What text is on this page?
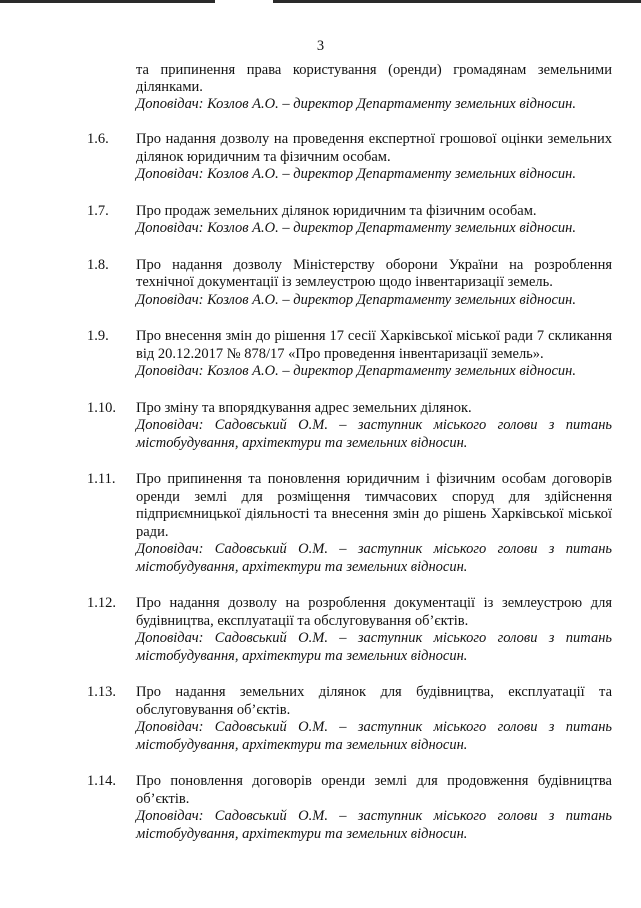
3
та припинення права користування (оренди) громадянам земельними ділянками.
Доповідач: Козлов А.О. – директор Департаменту земельних відносин.
1.6. Про надання дозволу на проведення експертної грошової оцінки земельних ділянок юридичним та фізичним особам.
Доповідач: Козлов А.О. – директор Департаменту земельних відносин.
1.7. Про продаж земельних ділянок юридичним та фізичним особам.
Доповідач: Козлов А.О. – директор Департаменту земельних відносин.
1.8. Про надання дозволу Міністерству оборони України на розроблення технічної документації із землеустрою щодо інвентаризації земель.
Доповідач: Козлов А.О. – директор Департаменту земельних відносин.
1.9. Про внесення змін до рішення 17 сесії Харківської міської ради 7 скликання від 20.12.2017 № 878/17 «Про проведення інвентаризації земель».
Доповідач: Козлов А.О. – директор Департаменту земельних відносин.
1.10. Про зміну та впорядкування адрес земельних ділянок.
Доповідач: Садовський О.М. – заступник міського голови з питань містобудування, архітектури та земельних відносин.
1.11. Про припинення та поновлення юридичним і фізичним особам договорів оренди землі для розміщення тимчасових споруд для здійснення підприємницької діяльності та внесення змін до рішень Харківської міської ради.
Доповідач: Садовський О.М. – заступник міського голови з питань містобудування, архітектури та земельних відносин.
1.12. Про надання дозволу на розроблення документації із землеустрою для будівництва, експлуатації та обслуговування об’єктів.
Доповідач: Садовський О.М. – заступник міського голови з питань містобудування, архітектури та земельних відносин.
1.13. Про надання земельних ділянок для будівництва, експлуатації та обслуговування об’єктів.
Доповідач: Садовський О.М. – заступник міського голови з питань містобудування, архітектури та земельних відносин.
1.14. Про поновлення договорів оренди землі для продовження будівництва об’єктів.
Доповідач: Садовський О.М. – заступник міського голови з питань містобудування, архітектури та земельних відносин.
